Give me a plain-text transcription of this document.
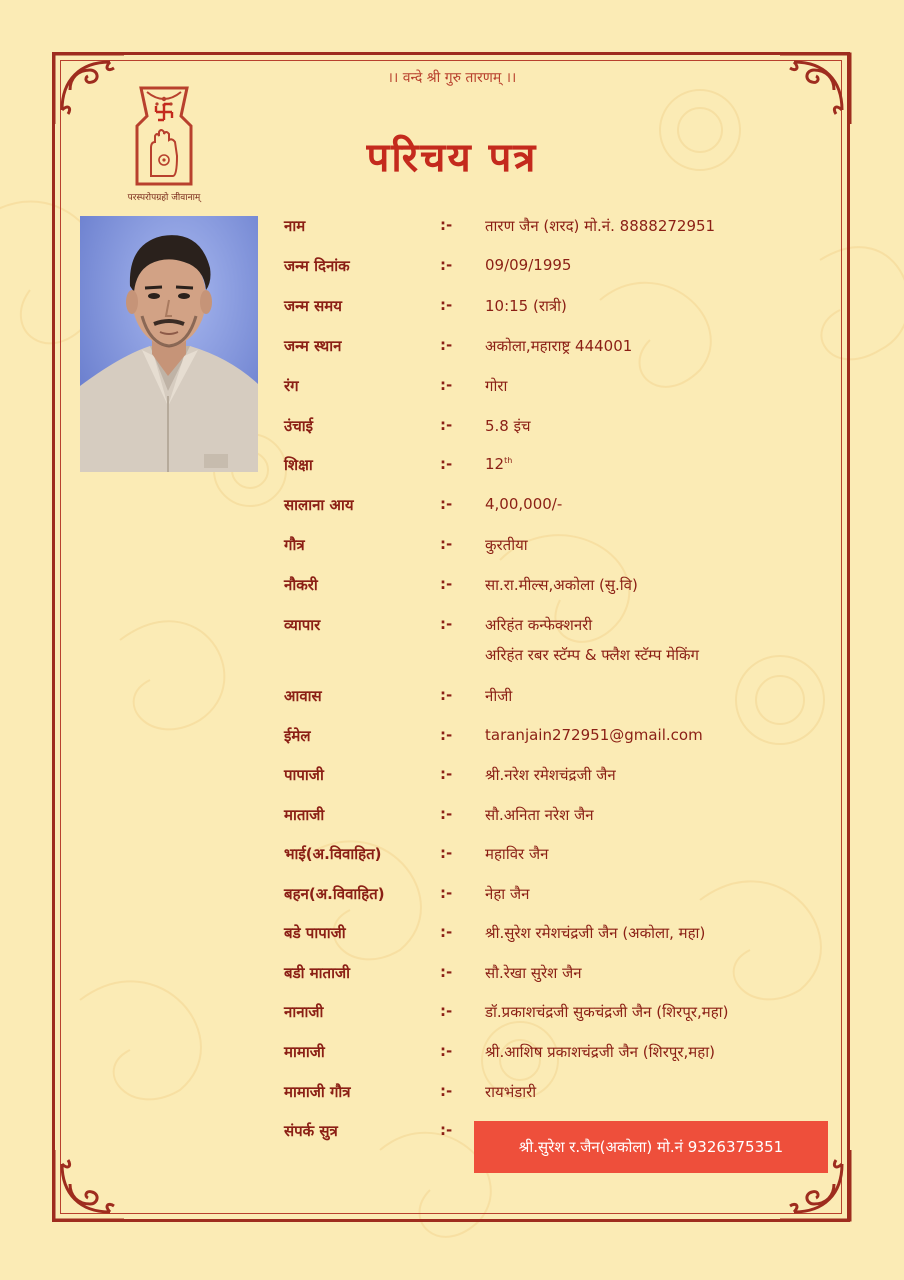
।। वन्दे श्री गुरु तारणम् ।।
परिचय पत्र
परस्परोपग्रहो जीवानाम्
नाम	:- तारण जैन (शरद) मो.नं. 8888272951
जन्म दिनांक	:- 09/09/1995
जन्म समय	:- 10:15 (रात्री)
जन्म स्थान	:- अकोला,महाराष्ट्र 444001
रंग	:- गोरा
उंचाई	:- 5.8 इंच
शिक्षा	:- 12th
सालाना आय	:- 4,00,000/-
गौत्र	:- कुरतीया
नौकरी	:- सा.रा.मील्स,अकोला (सु.वि)
व्यापार	:- अरिहंत कन्फेक्शनरी
अरिहंत रबर स्टॅम्प & फ्लैश स्टॅम्प मेकिंग
आवास	:- नीजी
ईमेल	:- taranjain272951@gmail.com
पापाजी	:- श्री.नरेश रमेशचंद्रजी जैन
माताजी	:- सौ.अनिता नरेश जैन
भाई(अ.विवाहित)	:- महाविर जैन
बहन(अ.विवाहित)	:- नेहा जैन
बडे पापाजी	:- श्री.सुरेश रमेशचंद्रजी जैन (अकोला, महा)
बडी माताजी	:- सौ.रेखा सुरेश जैन
नानाजी	:- डॉ.प्रकाशचंद्रजी सुकचंद्रजी जैन (शिरपूर,महा)
मामाजी	:- श्री.आशिष प्रकाशचंद्रजी जैन (शिरपूर,महा)
मामाजी गौत्र	:- रायभंडारी
संपर्क सुत्र	:-
श्री.सुरेश र.जैन(अकोला) मो.नं 9326375351
